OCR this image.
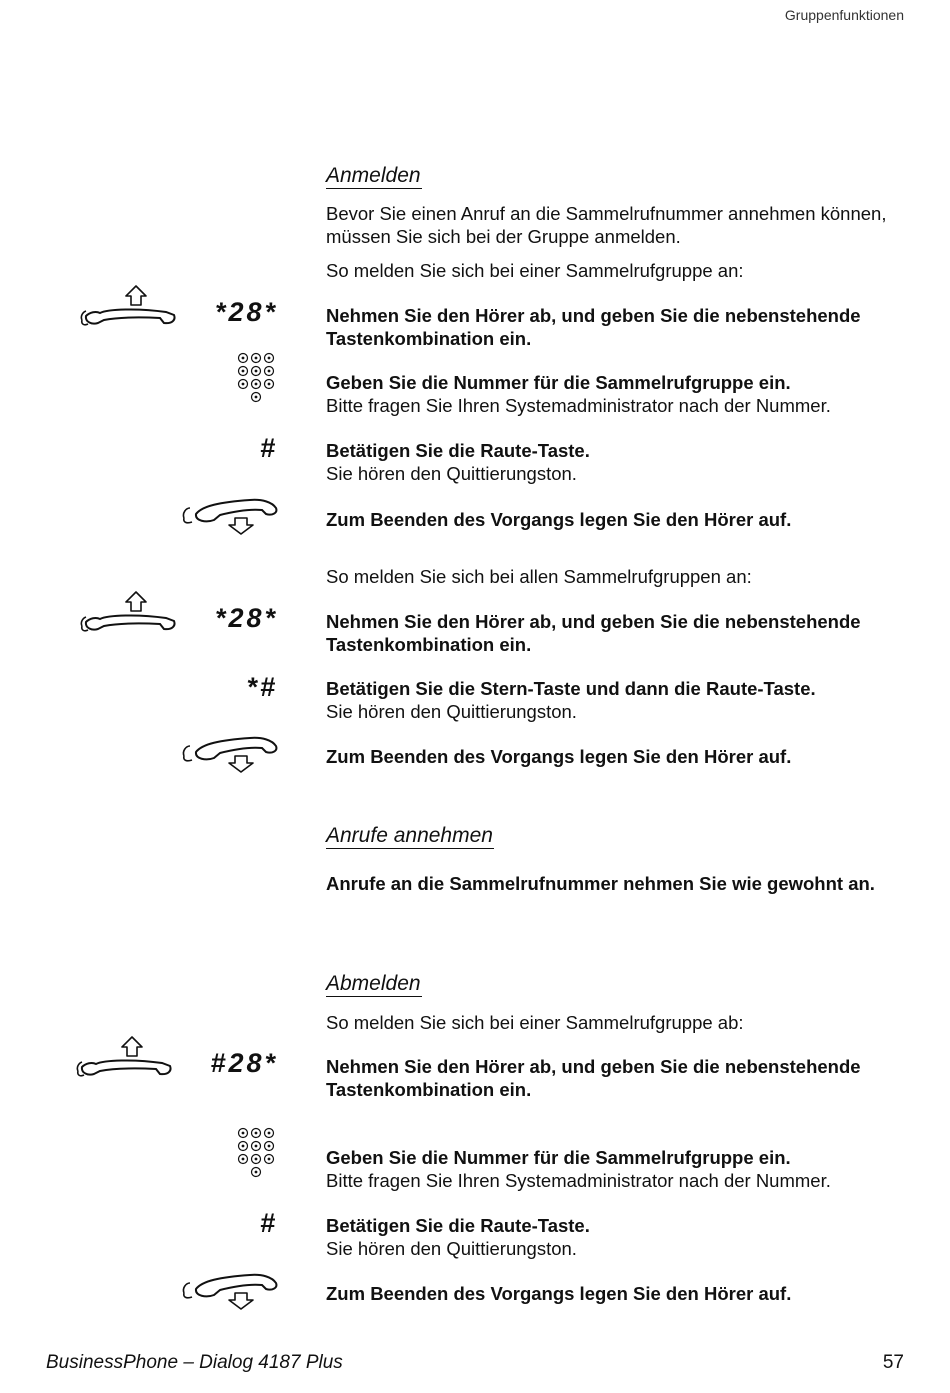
Gruppenfunktionen
Anmelden
Bevor Sie einen Anruf an die Sammelrufnummer annehmen können, müssen Sie sich bei der Gruppe anmelden.
So melden Sie sich bei einer Sammelrufgruppe an:
*28*	Nehmen Sie den Hörer ab, und geben Sie die nebenstehende Tastenkombination ein.
Geben Sie die Nummer für die Sammelrufgruppe ein.
Bitte fragen Sie Ihren Systemadministrator nach der Nummer.
#	Betätigen Sie die Raute-Taste.
Sie hören den Quittierungston.
Zum Beenden des Vorgangs legen Sie den Hörer auf.
So melden Sie sich bei allen Sammelrufgruppen an:
*28*	Nehmen Sie den Hörer ab, und geben Sie die nebenstehende Tastenkombination ein.
*#	Betätigen Sie die Stern-Taste und dann die Raute-Taste.
Sie hören den Quittierungston.
Zum Beenden des Vorgangs legen Sie den Hörer auf.
Anrufe annehmen
Anrufe an die Sammelrufnummer nehmen Sie wie gewohnt an.
Abmelden
So melden Sie sich bei einer Sammelrufgruppe ab:
#28*	Nehmen Sie den Hörer ab, und geben Sie die nebenstehende Tastenkombination ein.
Geben Sie die Nummer für die Sammelrufgruppe ein.
Bitte fragen Sie Ihren Systemadministrator nach der Nummer.
#	Betätigen Sie die Raute-Taste.
Sie hören den Quittierungston.
Zum Beenden des Vorgangs legen Sie den Hörer auf.
BusinessPhone – Dialog 4187 Plus	57
